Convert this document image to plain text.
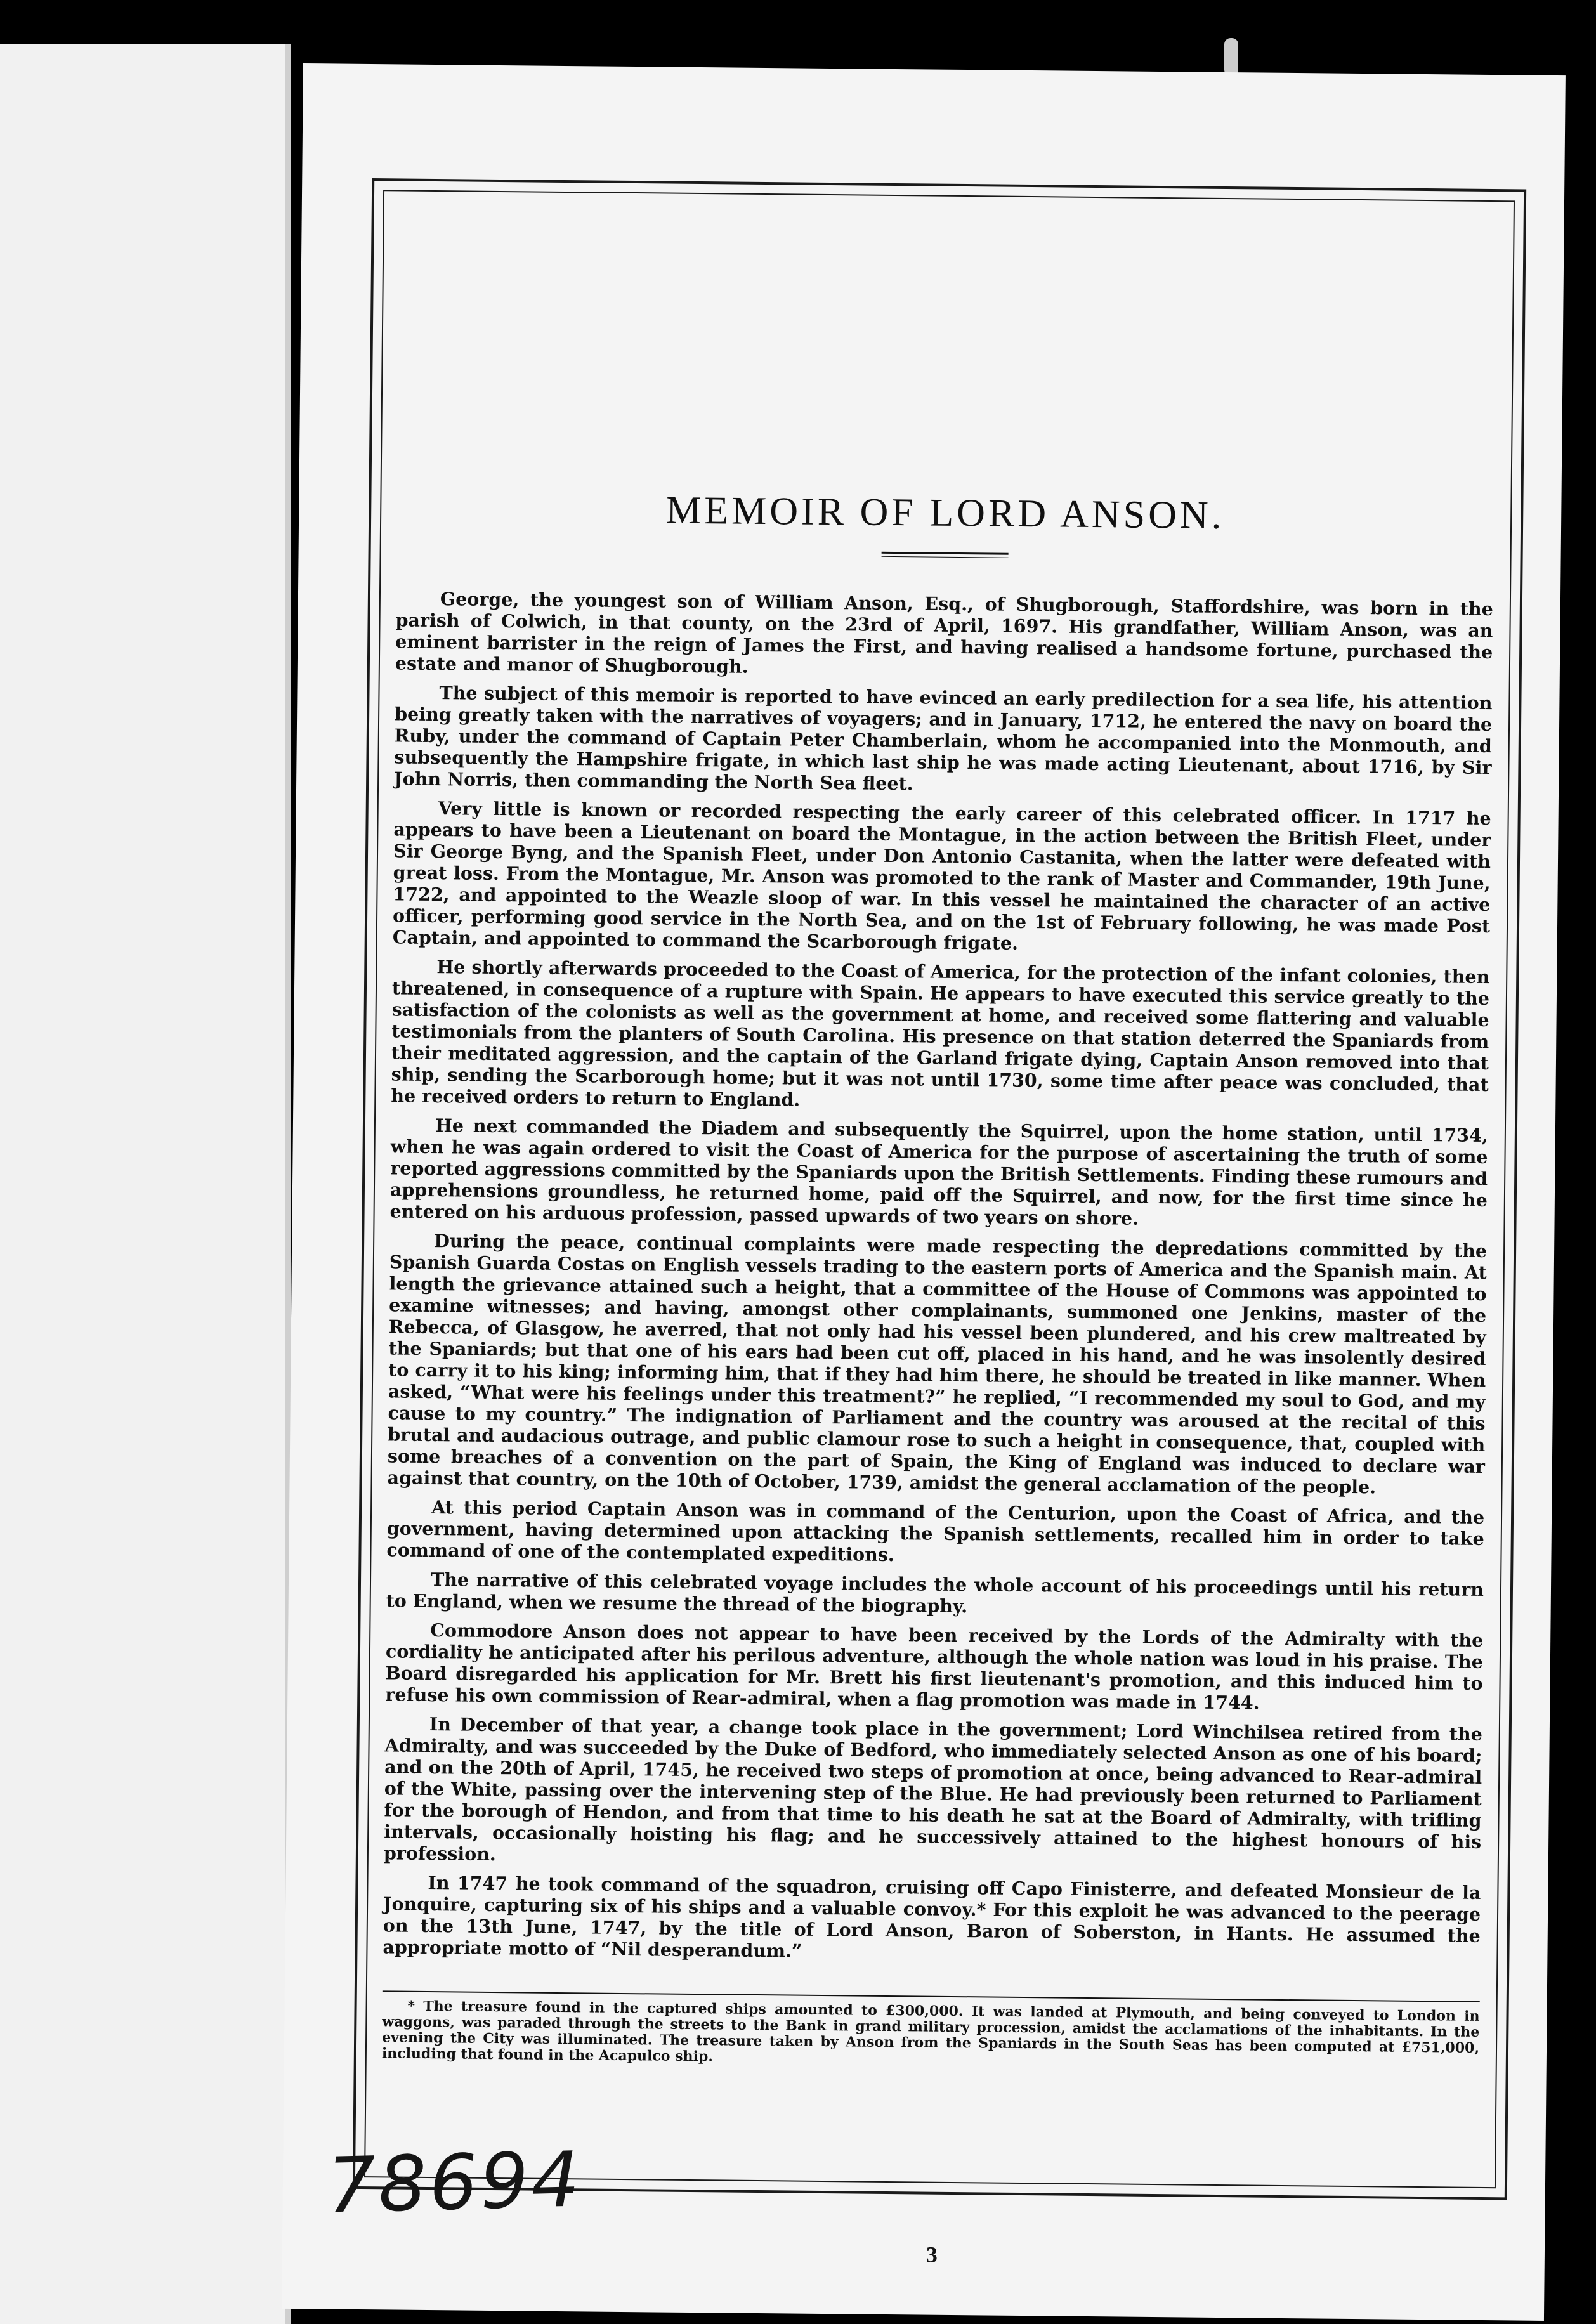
MEMOIR OF LORD ANSON.

George, the youngest son of William Anson, Esq., of Shugborough, Staffordshire, was born in the parish of Colwich, in that county, on the 23rd of April, 1697. His grandfather, William Anson, was an eminent barrister in the reign of James the First, and having realised a handsome fortune, purchased the estate and manor of Shugborough.

The subject of this memoir is reported to have evinced an early predilection for a sea life, his attention being greatly taken with the narratives of voyagers; and in January, 1712, he entered the navy on board the Ruby, under the command of Captain Peter Chamberlain, whom he accompanied into the Monmouth, and subsequently the Hampshire frigate, in which last ship he was made acting Lieutenant, about 1716, by Sir John Norris, then commanding the North Sea fleet.

Very little is known or recorded respecting the early career of this celebrated officer. In 1717 he appears to have been a Lieutenant on board the Montague, in the action between the British Fleet, under Sir George Byng, and the Spanish Fleet, under Don Antonio Castanita, when the latter were defeated with great loss. From the Montague, Mr. Anson was promoted to the rank of Master and Commander, 19th June, 1722, and appointed to the Weazle sloop of war. In this vessel he maintained the character of an active officer, performing good service in the North Sea, and on the 1st of February following, he was made Post Captain, and appointed to command the Scarborough frigate.

He shortly afterwards proceeded to the Coast of America, for the protection of the infant colonies, then threatened, in consequence of a rupture with Spain. He appears to have executed this service greatly to the satisfaction of the colonists as well as the government at home, and received some flattering and valuable testimonials from the planters of South Carolina. His presence on that station deterred the Spaniards from their meditated aggression, and the captain of the Garland frigate dying, Captain Anson removed into that ship, sending the Scarborough home; but it was not until 1730, some time after peace was concluded, that he received orders to return to England.

He next commanded the Diadem and subsequently the Squirrel, upon the home station, until 1734, when he was again ordered to visit the Coast of America for the purpose of ascertaining the truth of some reported aggressions committed by the Spaniards upon the British Settlements. Finding these rumours and apprehensions groundless, he returned home, paid off the Squirrel, and now, for the first time since he entered on his arduous profession, passed upwards of two years on shore.

During the peace, continual complaints were made respecting the depredations committed by the Spanish Guarda Costas on English vessels trading to the eastern ports of America and the Spanish main. At length the grievance attained such a height, that a committee of the House of Commons was appointed to examine witnesses; and having, amongst other complainants, summoned one Jenkins, master of the Rebecca, of Glasgow, he averred, that not only had his vessel been plundered, and his crew maltreated by the Spaniards; but that one of his ears had been cut off, placed in his hand, and he was insolently desired to carry it to his king; informing him, that if they had him there, he should be treated in like manner. When asked, “What were his feelings under this treatment?” he replied, “I recommended my soul to God, and my cause to my country.” The indignation of Parliament and the country was aroused at the recital of this brutal and audacious outrage, and public clamour rose to such a height in consequence, that, coupled with some breaches of a convention on the part of Spain, the King of England was induced to declare war against that country, on the 10th of October, 1739, amidst the general acclamation of the people.

At this period Captain Anson was in command of the Centurion, upon the Coast of Africa, and the government, having determined upon attacking the Spanish settlements, recalled him in order to take command of one of the contemplated expeditions.

The narrative of this celebrated voyage includes the whole account of his proceedings until his return to England, when we resume the thread of the biography.

Commodore Anson does not appear to have been received by the Lords of the Admiralty with the cordiality he anticipated after his perilous adventure, although the whole nation was loud in his praise. The Board disregarded his application for Mr. Brett his first lieutenant's promotion, and this induced him to refuse his own commission of Rear-admiral, when a flag promotion was made in 1744.

In December of that year, a change took place in the government; Lord Winchilsea retired from the Admiralty, and was succeeded by the Duke of Bedford, who immediately selected Anson as one of his board; and on the 20th of April, 1745, he received two steps of promotion at once, being advanced to Rear-admiral of the White, passing over the intervening step of the Blue. He had previously been returned to Parliament for the borough of Hendon, and from that time to his death he sat at the Board of Admiralty, with trifling intervals, occasionally hoisting his flag; and he successively attained to the highest honours of his profession.

In 1747 he took command of the squadron, cruising off Capo Finisterre, and defeated Monsieur de la Jonquire, capturing six of his ships and a valuable convoy.* For this exploit he was advanced to the peerage on the 13th June, 1747, by the title of Lord Anson, Baron of Soberston, in Hants. He assumed the appropriate motto of “Nil desperandum.”

* The treasure found in the captured ships amounted to £300,000. It was landed at Plymouth, and being conveyed to London in waggons, was paraded through the streets to the Bank in grand military procession, amidst the acclamations of the inhabitants. In the evening the City was illuminated. The treasure taken by Anson from the Spaniards in the South Seas has been computed at £751,000, including that found in the Acapulco ship.

3
78694
